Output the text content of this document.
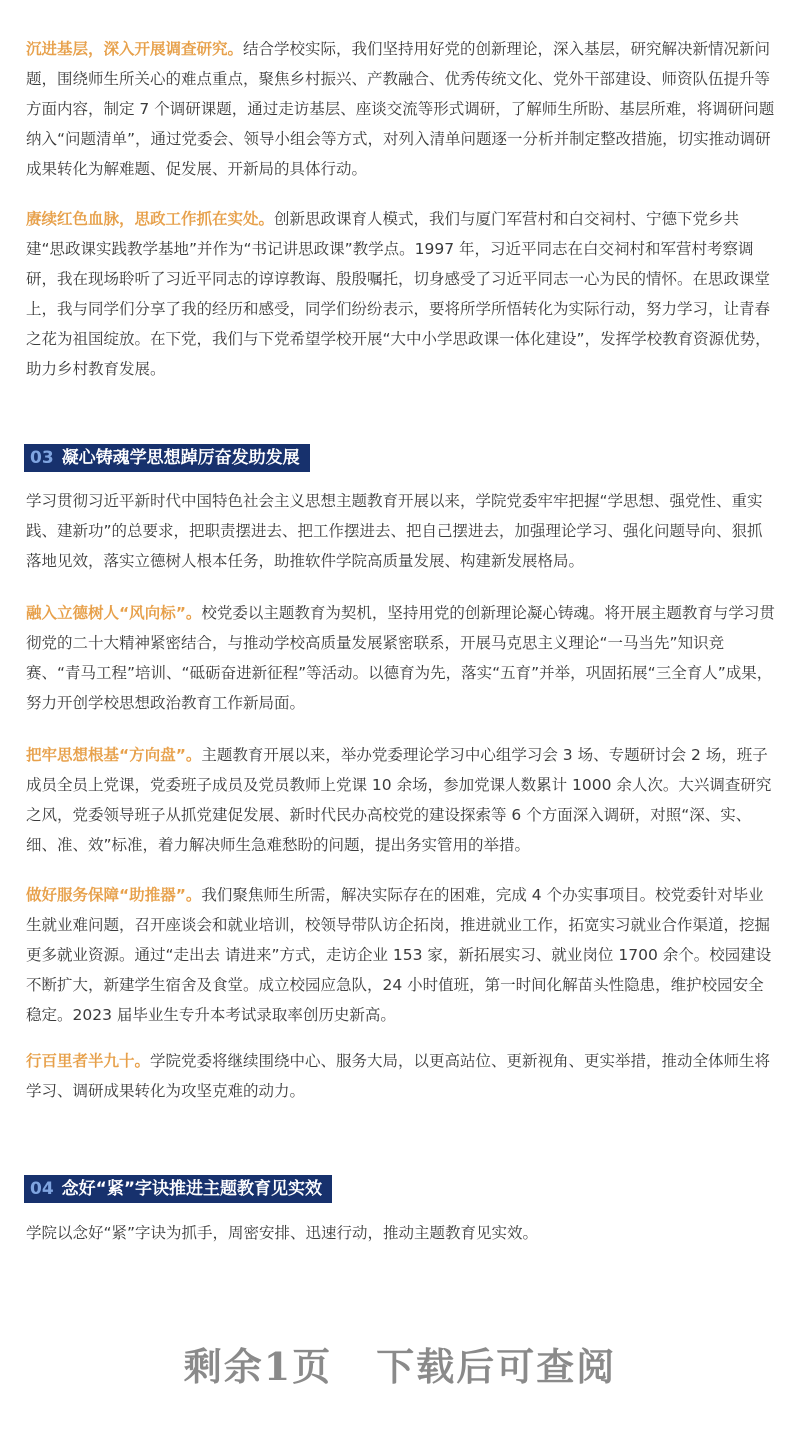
沉进基层，深入开展调查研究。结合学校实际，我们坚持用好党的创新理论，深入基层，研究解决新情况新问题，围绕师生所关心的难点重点，聚焦乡村振兴、产教融合、优秀传统文化、党外干部建设、师资队伍提升等方面内容，制定 7 个调研课题，通过走访基层、座谈交流等形式调研，了解师生所盼、基层所难，将调研问题纳入“问题清单”，通过党委会、领导小组会等方式，对列入清单问题逐一分析并制定整改措施，切实推动调研成果转化为解难题、促发展、开新局的具体行动。

赓续红色血脉，思政工作抓在实处。创新思政课育人模式，我们与厦门军营村和白交祠村、宁德下党乡共建“思政课实践教学基地”并作为“书记讲思政课”教学点。1997 年，习近平同志在白交祠村和军营村考察调研，我在现场聆听了习近平同志的谆谆教诲、殷殷嘱托，切身感受了习近平同志一心为民的情怀。在思政课堂上，我与同学们分享了我的经历和感受，同学们纷纷表示，要将所学所悟转化为实际行动，努力学习，让青春之花为祖国绽放。在下党，我们与下党希望学校开展“大中小学思政课一体化建设”，发挥学校教育资源优势，助力乡村教育发展。

03 凝心铸魂学思想踔厉奋发助发展

学习贯彻习近平新时代中国特色社会主义思想主题教育开展以来，学院党委牢牢把握“学思想、强党性、重实践、建新功”的总要求，把职责摆进去、把工作摆进去、把自己摆进去，加强理论学习、强化问题导向、狠抓落地见效，落实立德树人根本任务，助推软件学院高质量发展、构建新发展格局。

融入立德树人“风向标”。校党委以主题教育为契机，坚持用党的创新理论凝心铸魂。将开展主题教育与学习贯彻党的二十大精神紧密结合，与推动学校高质量发展紧密联系，开展马克思主义理论“一马当先”知识竞赛、“青马工程”培训、“砥砺奋进新征程”等活动。以德育为先，落实“五育”并举，巩固拓展“三全育人”成果，努力开创学校思想政治教育工作新局面。

把牢思想根基“方向盘”。主题教育开展以来，举办党委理论学习中心组学习会 3 场、专题研讨会 2 场，班子成员全员上党课，党委班子成员及党员教师上党课 10 余场，参加党课人数累计 1000 余人次。大兴调查研究之风，党委领导班子从抓党建促发展、新时代民办高校党的建设探索等 6 个方面深入调研，对照“深、实、细、准、效”标准，着力解决师生急难愁盼的问题，提出务实管用的举措。

做好服务保障“助推器”。我们聚焦师生所需，解决实际存在的困难，完成 4 个办实事项目。校党委针对毕业生就业难问题，召开座谈会和就业培训，校领导带队访企拓岗，推进就业工作，拓宽实习就业合作渠道，挖掘更多就业资源。通过“走出去 请进来”方式，走访企业 153 家，新拓展实习、就业岗位 1700 余个。校园建设不断扩大，新建学生宿舍及食堂。成立校园应急队，24 小时值班，第一时间化解苗头性隐患，维护校园安全稳定。2023 届毕业生专升本考试录取率创历史新高。

行百里者半九十。学院党委将继续围绕中心、服务大局，以更高站位、更新视角、更实举措，推动全体师生将学习、调研成果转化为攻坚克难的动力。

04 念好“紧”字诀推进主题教育见实效

学院以念好“紧”字诀为抓手，周密安排、迅速行动，推动主题教育见实效。

剩余1页 下载后可查阅
